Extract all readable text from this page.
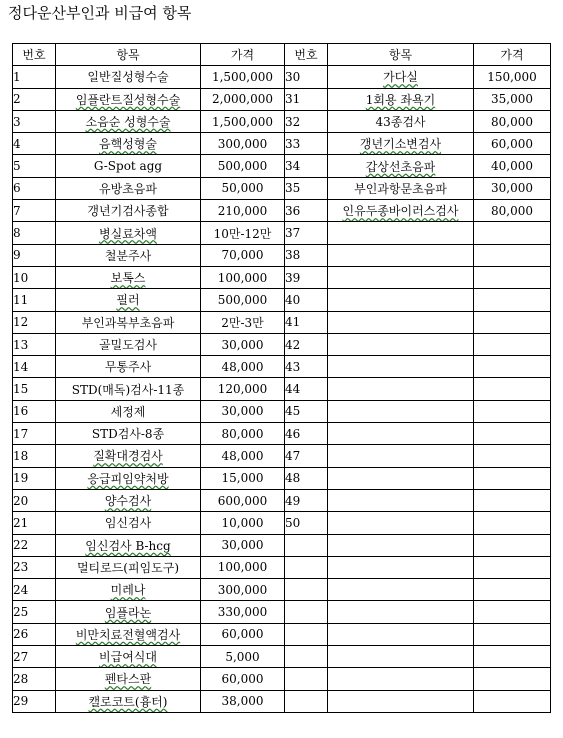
정다운산부인과 비급여 항목
번호	항목	가격	번호	항목	가격
1	일반질성형수술	1,500,000	30	가다실	150,000
2	임플란트질성형수술	2,000,000	31	1회용 좌욕기	35,000
3	소음순 성형수술	1,500,000	32	43종검사	80,000
4	음핵성형술	300,000	33	갱년기소변검사	60,000
5	G-Spot agg	500,000	34	갑상선초음파	40,000
6	유방초음파	50,000	35	부인과항문초음파	30,000
7	갱년기검사종합	210,000	36	인유두종바이러스검사	80,000
8	병실료차액	10만-12만	37		
9	철분주사	70,000	38		
10	보톡스	100,000	39		
11	필러	500,000	40		
12	부인과복부초음파	2만-3만	41		
13	골밀도검사	30,000	42		
14	무통주사	48,000	43		
15	STD(매독)검사-11종	120,000	44		
16	세정제	30,000	45		
17	STD검사-8종	80,000	46		
18	질확대경검사	48,000	47		
19	응급피임약처방	15,000	48		
20	양수검사	600,000	49		
21	임신검사	10,000	50		
22	임신검사 B-hcg	30,000			
23	멀티로드(피임도구)	100,000			
24	미레나	300,000			
25	임플라논	330,000			
26	비만치료전혈액검사	60,000			
27	비급여식대	5,000			
28	펜타스판	60,000			
29	캘로코트(흉터)	38,000			
